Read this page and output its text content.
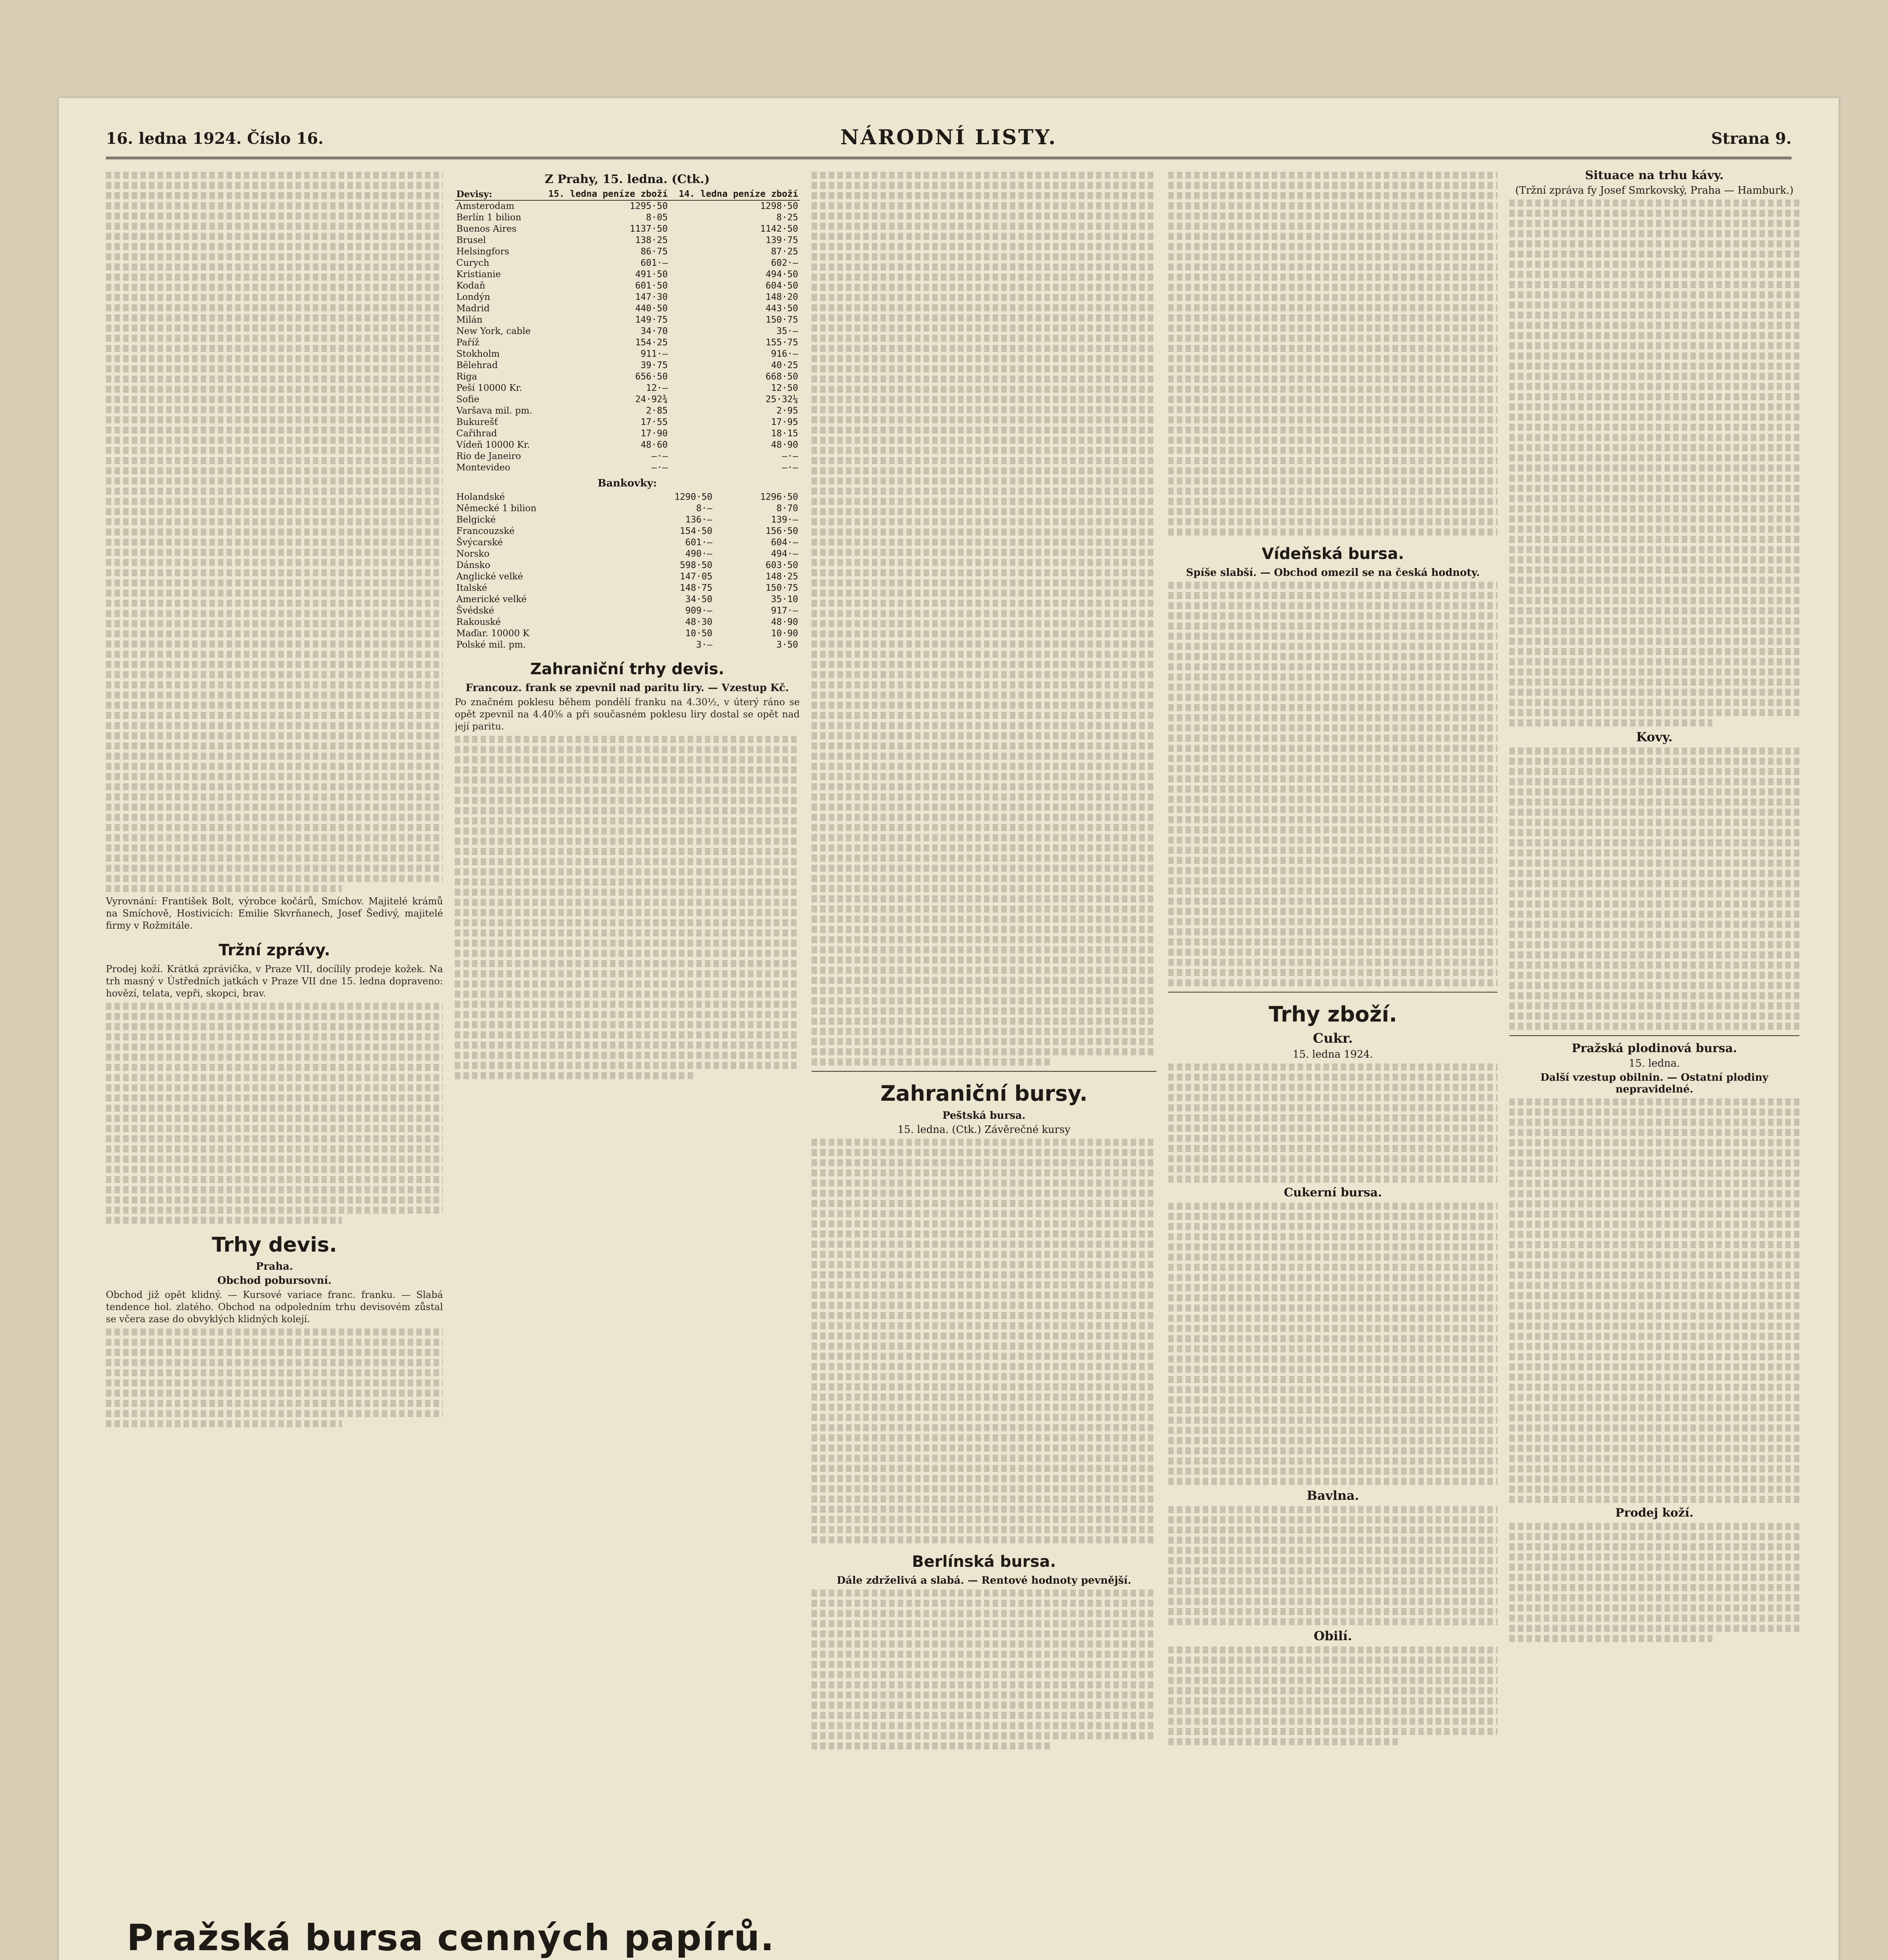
16. ledna 1924. Číslo 16.	NÁRODNÍ LISTY.	Strana 9.
Vyrovnání: František Bolt, výrobce kočárů, Smíchov. Majitelé krámů na Smíchově, Hostivicích: Emilie Skvrňanech, Josef Šedivý, majitelé firmy v Rožmitále.
Tržní zprávy.
Prodej koží. Krátká zprávička, v Praze VII, docílily prodeje kožek. Na trh masný v Ústředních jatkách v Praze VII dne 15. ledna dopraveno: hovězí, telata, vepři, skopci, brav.
Trhy devis.
Praha.
Obchod pobursovní.
Obchod již opět klidný. — Kursové variace franc. franku. — Slabá tendence hol. zlatého. Obchod na odpoledním trhu devisovém zůstal se včera zase do obvyklých klidných kolejí.
Z Prahy, 15. ledna. (Ctk.)
Devisy:	15. ledna peníze zboží	14. ledna peníze zboží
Amsterodam	1295·50	1298·50
Berlín 1 bilion	8·05	8·25
Buenos Aires	1137·50	1142·50
Brusel	138·25	139·75
Helsingfors	86·75	87·25
Curych	601·—	602·—
Kristianie	491·50	494·50
Kodaň	601·50	604·50
Londýn	147·30	148·20
Madrid	440·50	443·50
Milán	149·75	150·75
New York, cable	34·70	35·—
Paříž	154·25	155·75
Stokholm	911·—	916·—
Bělehrad	39·75	40·25
Riga	656·50	668·50
Peší 10000 Kr.	12·—	12·50
Sofie	24·92¾	25·32¼
Varšava mil. pm.	2·85	2·95
Bukurešť	17·55	17·95
Cařihrad	17·90	18·15
Vídeň 10000 Kr.	48·60	48·90
Rio de Janeiro	—·—	—·—
Montevideo	—·—	—·—
Bankovky:
Holandské	1290·50	1296·50
Německé 1 bilion	8·—	8·70
Belgické	136·—	139·—
Francouzské	154·50	156·50
Švýcarské	601·—	604·—
Norsko	490·—	494·—
Dánsko	598·50	603·50
Anglické velké	147·05	148·25
Italské	148·75	150·75
Americké velké	34·50	35·10
Švédské	909·—	917·—
Rakouské	48·30	48·90
Maďar. 10000 K	10·50	10·90
Polské mil. pm.	3·—	3·50
Zahraniční trhy devis.
Francouz. frank se zpevnil nad paritu liry. — Vzestup Kč.
Po značném poklesu během pondělí franku na 4.30½, v úterý ráno se opět zpevnil na 4.40⅝ a při současném poklesu liry dostal se opět nad její paritu.
Zahraniční bursy.
Peštská bursa.
15. ledna. (Ctk.) Závěrečné kursy
Berlínská bursa.
Dále zdrželivá a slabá. — Rentové hodnoty pevnější.
Vídeňská bursa.
Spíše slabší. — Obchod omezil se na česká hodnoty.
Trhy zboží.
Cukr.
15. ledna 1924.
Cukerní bursa.
Bavlna.
Obilí.
Situace na trhu kávy.
(Tržní zpráva fy Josef Smrkovský, Praha — Hamburk.)
Kovy.
Pražská plodinová bursa.
15. ledna.
Další vzestup obilnin. — Ostatní plodiny nepravidelné.
Prodej koží.
Pražská bursa cenných papírů.
